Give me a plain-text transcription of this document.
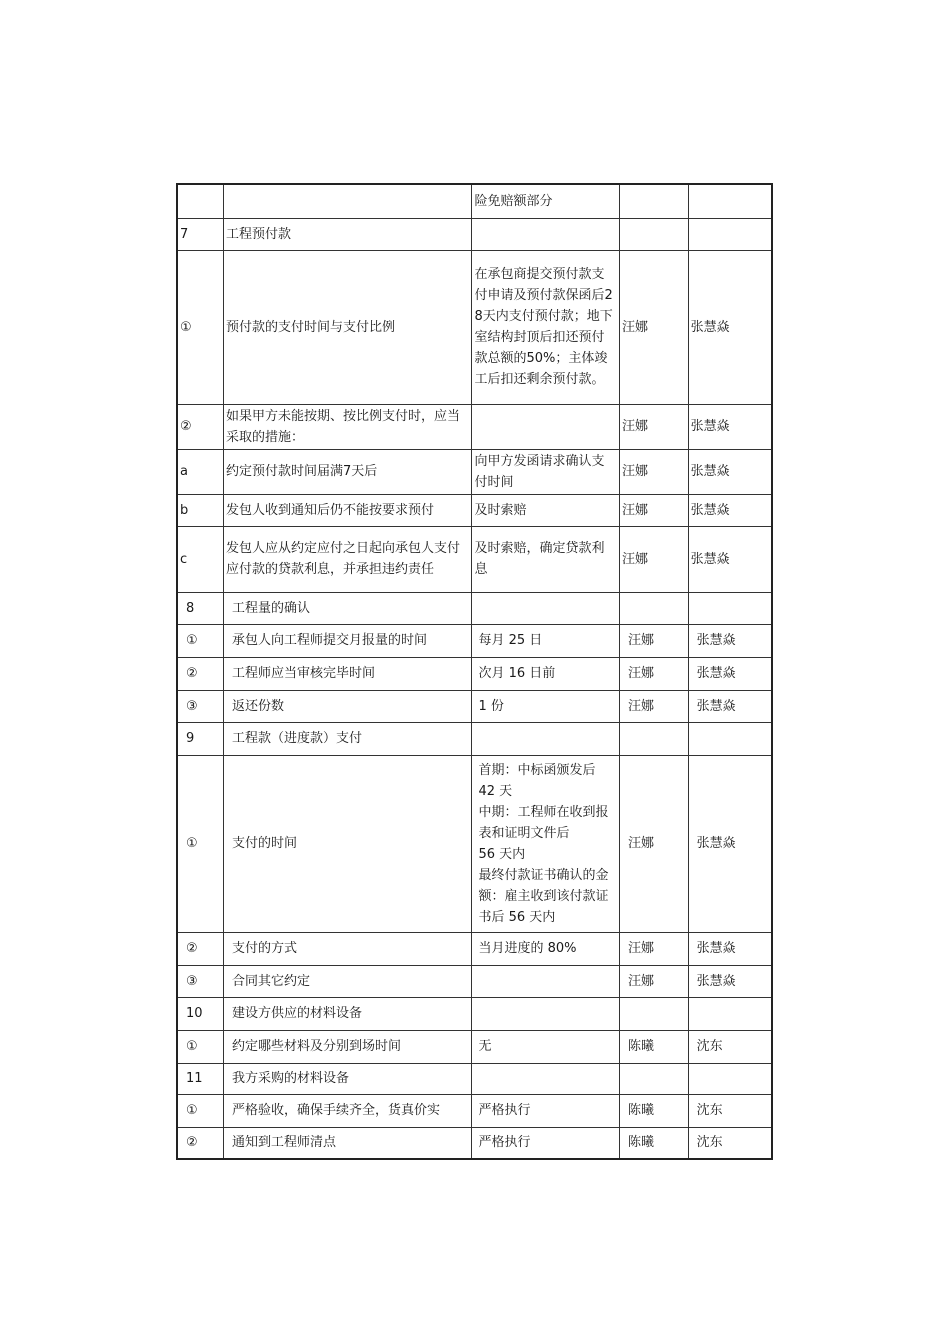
		险免赔额部分		
7	工程预付款			
①	预付款的支付时间与支付比例	在承包商提交预付款支付申请及预付款保函后28天内支付预付款；地下室结构封顶后扣还预付款总额的50%；主体竣工后扣还剩余预付款。	汪娜	张慧焱
②	如果甲方未能按期、按比例支付时，应当采取的措施：		汪娜	张慧焱
a	约定预付款时间届满7天后	向甲方发函请求确认支付时间	汪娜	张慧焱
b	发包人收到通知后仍不能按要求预付	及时索赔	汪娜	张慧焱
c	发包人应从约定应付之日起向承包人支付应付款的贷款利息，并承担违约责任	及时索赔，确定贷款利息	汪娜	张慧焱
8	工程量的确认			
①	承包人向工程师提交月报量的时间	每月 25 日	汪娜	张慧焱
②	工程师应当审核完毕时间	次月 16 日前	汪娜	张慧焱
③	返还份数	1 份	汪娜	张慧焱
9	工程款（进度款）支付			
①	支付的时间	首期：中标函颁发后
42 天
中期：工程师在收到报表和证明文件后
56 天内
最终付款证书确认的金额：雇主收到该付款证书后 56 天内	汪娜	张慧焱
②	支付的方式	当月进度的 80%	汪娜	张慧焱
③	合同其它约定		汪娜	张慧焱
10	建设方供应的材料设备			
①	约定哪些材料及分别到场时间	无	陈曦	沈东
11	我方采购的材料设备			
①	严格验收，确保手续齐全，货真价实	严格执行	陈曦	沈东
②	通知到工程师清点	严格执行	陈曦	沈东
